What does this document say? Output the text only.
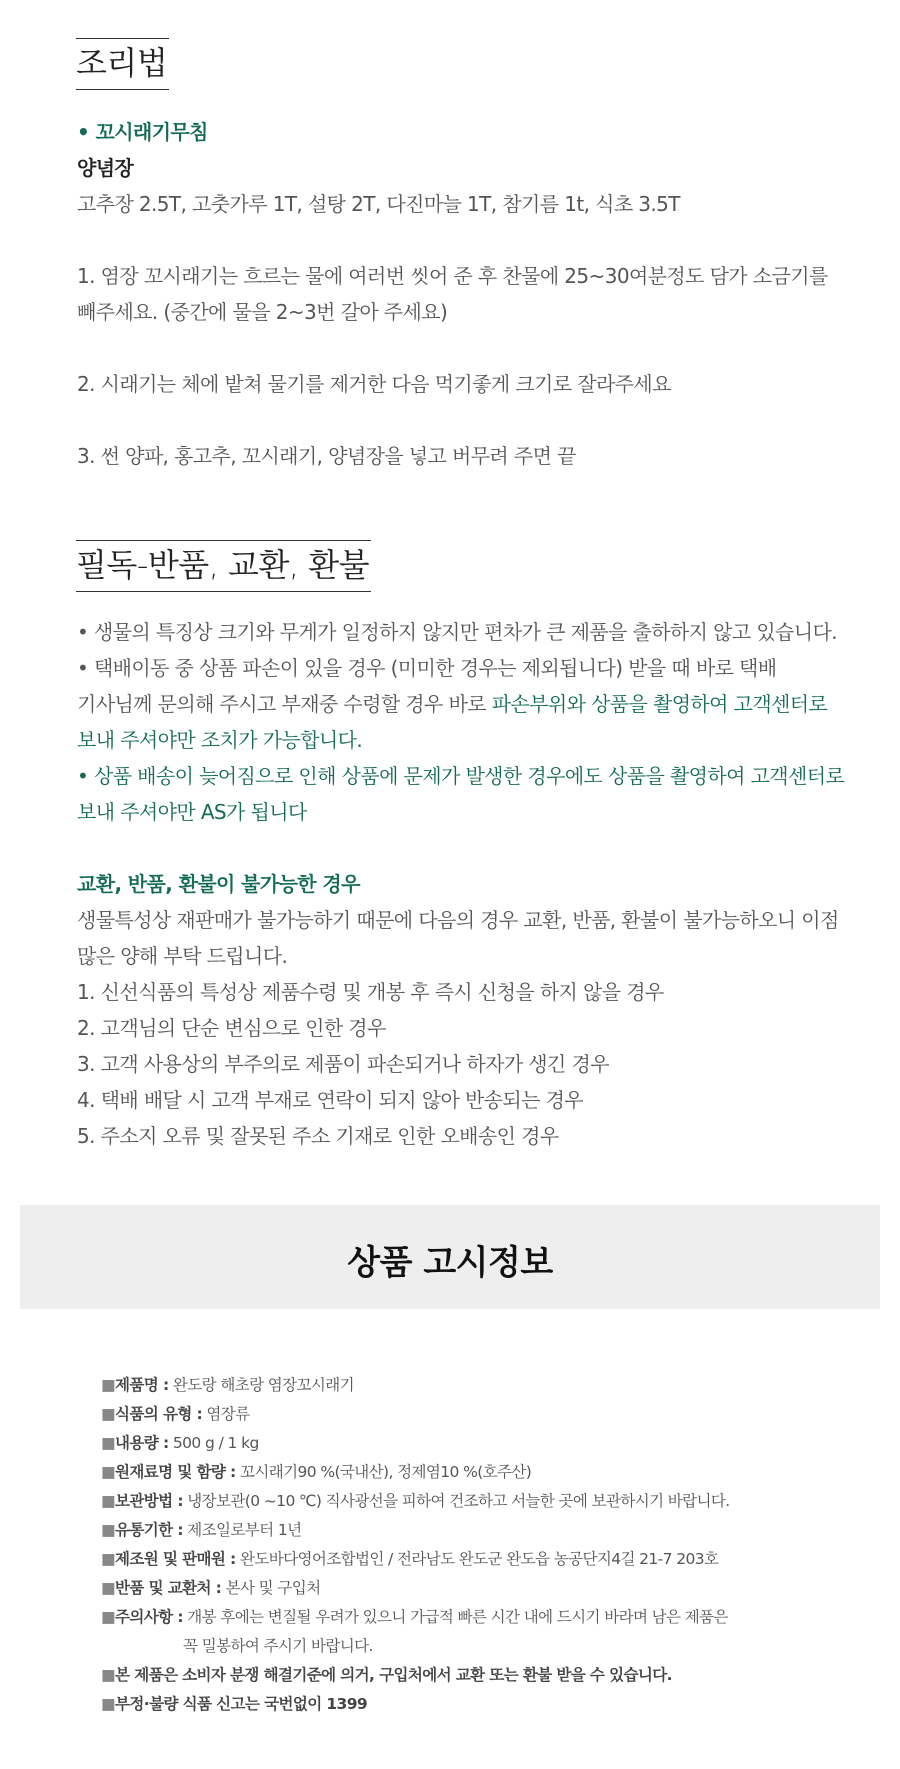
조리법
• 꼬시래기무침
양념장
고추장 2.5T, 고춧가루 1T, 설탕 2T, 다진마늘 1T, 참기름 1t, 식초 3.5T
1. 염장 꼬시래기는 흐르는 물에 여러번 씻어 준 후 찬물에 25~30여분정도 담가 소금기를
빼주세요. (중간에 물을 2~3번 갈아 주세요)
2. 시래기는 체에 밭쳐 물기를 제거한 다음 먹기좋게 크기로 잘라주세요
3. 썬 양파, 홍고추, 꼬시래기, 양념장을 넣고 버무려 주면 끝
필독-반품, 교환, 환불
• 생물의 특징상 크기와 무게가 일정하지 않지만 편차가 큰 제품을 출하하지 않고 있습니다.
• 택배이동 중 상품 파손이 있을 경우 (미미한 경우는 제외됩니다) 받을 때 바로 택배
기사님께 문의해 주시고 부재중 수령할 경우 바로 파손부위와 상품을 촬영하여 고객센터로
보내 주셔야만 조치가 가능합니다.
• 상품 배송이 늦어짐으로 인해 상품에 문제가 발생한 경우에도 상품을 촬영하여 고객센터로
보내 주셔야만 AS가 됩니다
교환, 반품, 환불이 불가능한 경우
생물특성상 재판매가 불가능하기 때문에 다음의 경우 교환, 반품, 환불이 불가능하오니 이점
많은 양해 부탁 드립니다.
1. 신선식품의 특성상 제품수령 및 개봉 후 즉시 신청을 하지 않을 경우
2. 고객님의 단순 변심으로 인한 경우
3. 고객 사용상의 부주의로 제품이 파손되거나 하자가 생긴 경우
4. 택배 배달 시 고객 부재로 연락이 되지 않아 반송되는 경우
5. 주소지 오류 및 잘못된 주소 기재로 인한 오배송인 경우
상품 고시정보
■제품명 : 완도랑 해초랑 염장꼬시래기
■식품의 유형 : 염장류
■내용량 : 500 g / 1 kg
■원재료명 및 함량 : 꼬시래기90 %(국내산), 정제염10 %(호주산)
■보관방법 : 냉장보관(0 ~10 ℃) 직사광선을 피하여 건조하고 서늘한 곳에 보관하시기 바랍니다.
■유통기한 : 제조일로부터 1년
■제조원 및 판매원 : 완도바다영어조합법인 / 전라남도 완도군 완도읍 농공단지4길 21-7 203호
■반품 및 교환처 : 본사 및 구입처
■주의사항 : 개봉 후에는 변질될 우려가 있으니 가급적 빠른 시간 내에 드시기 바라며 남은 제품은
꼭 밀봉하여 주시기 바랍니다.
■본 제품은 소비자 분쟁 해결기준에 의거, 구입처에서 교환 또는 환불 받을 수 있습니다.
■부정·불량 식품 신고는 국번없이 1399
